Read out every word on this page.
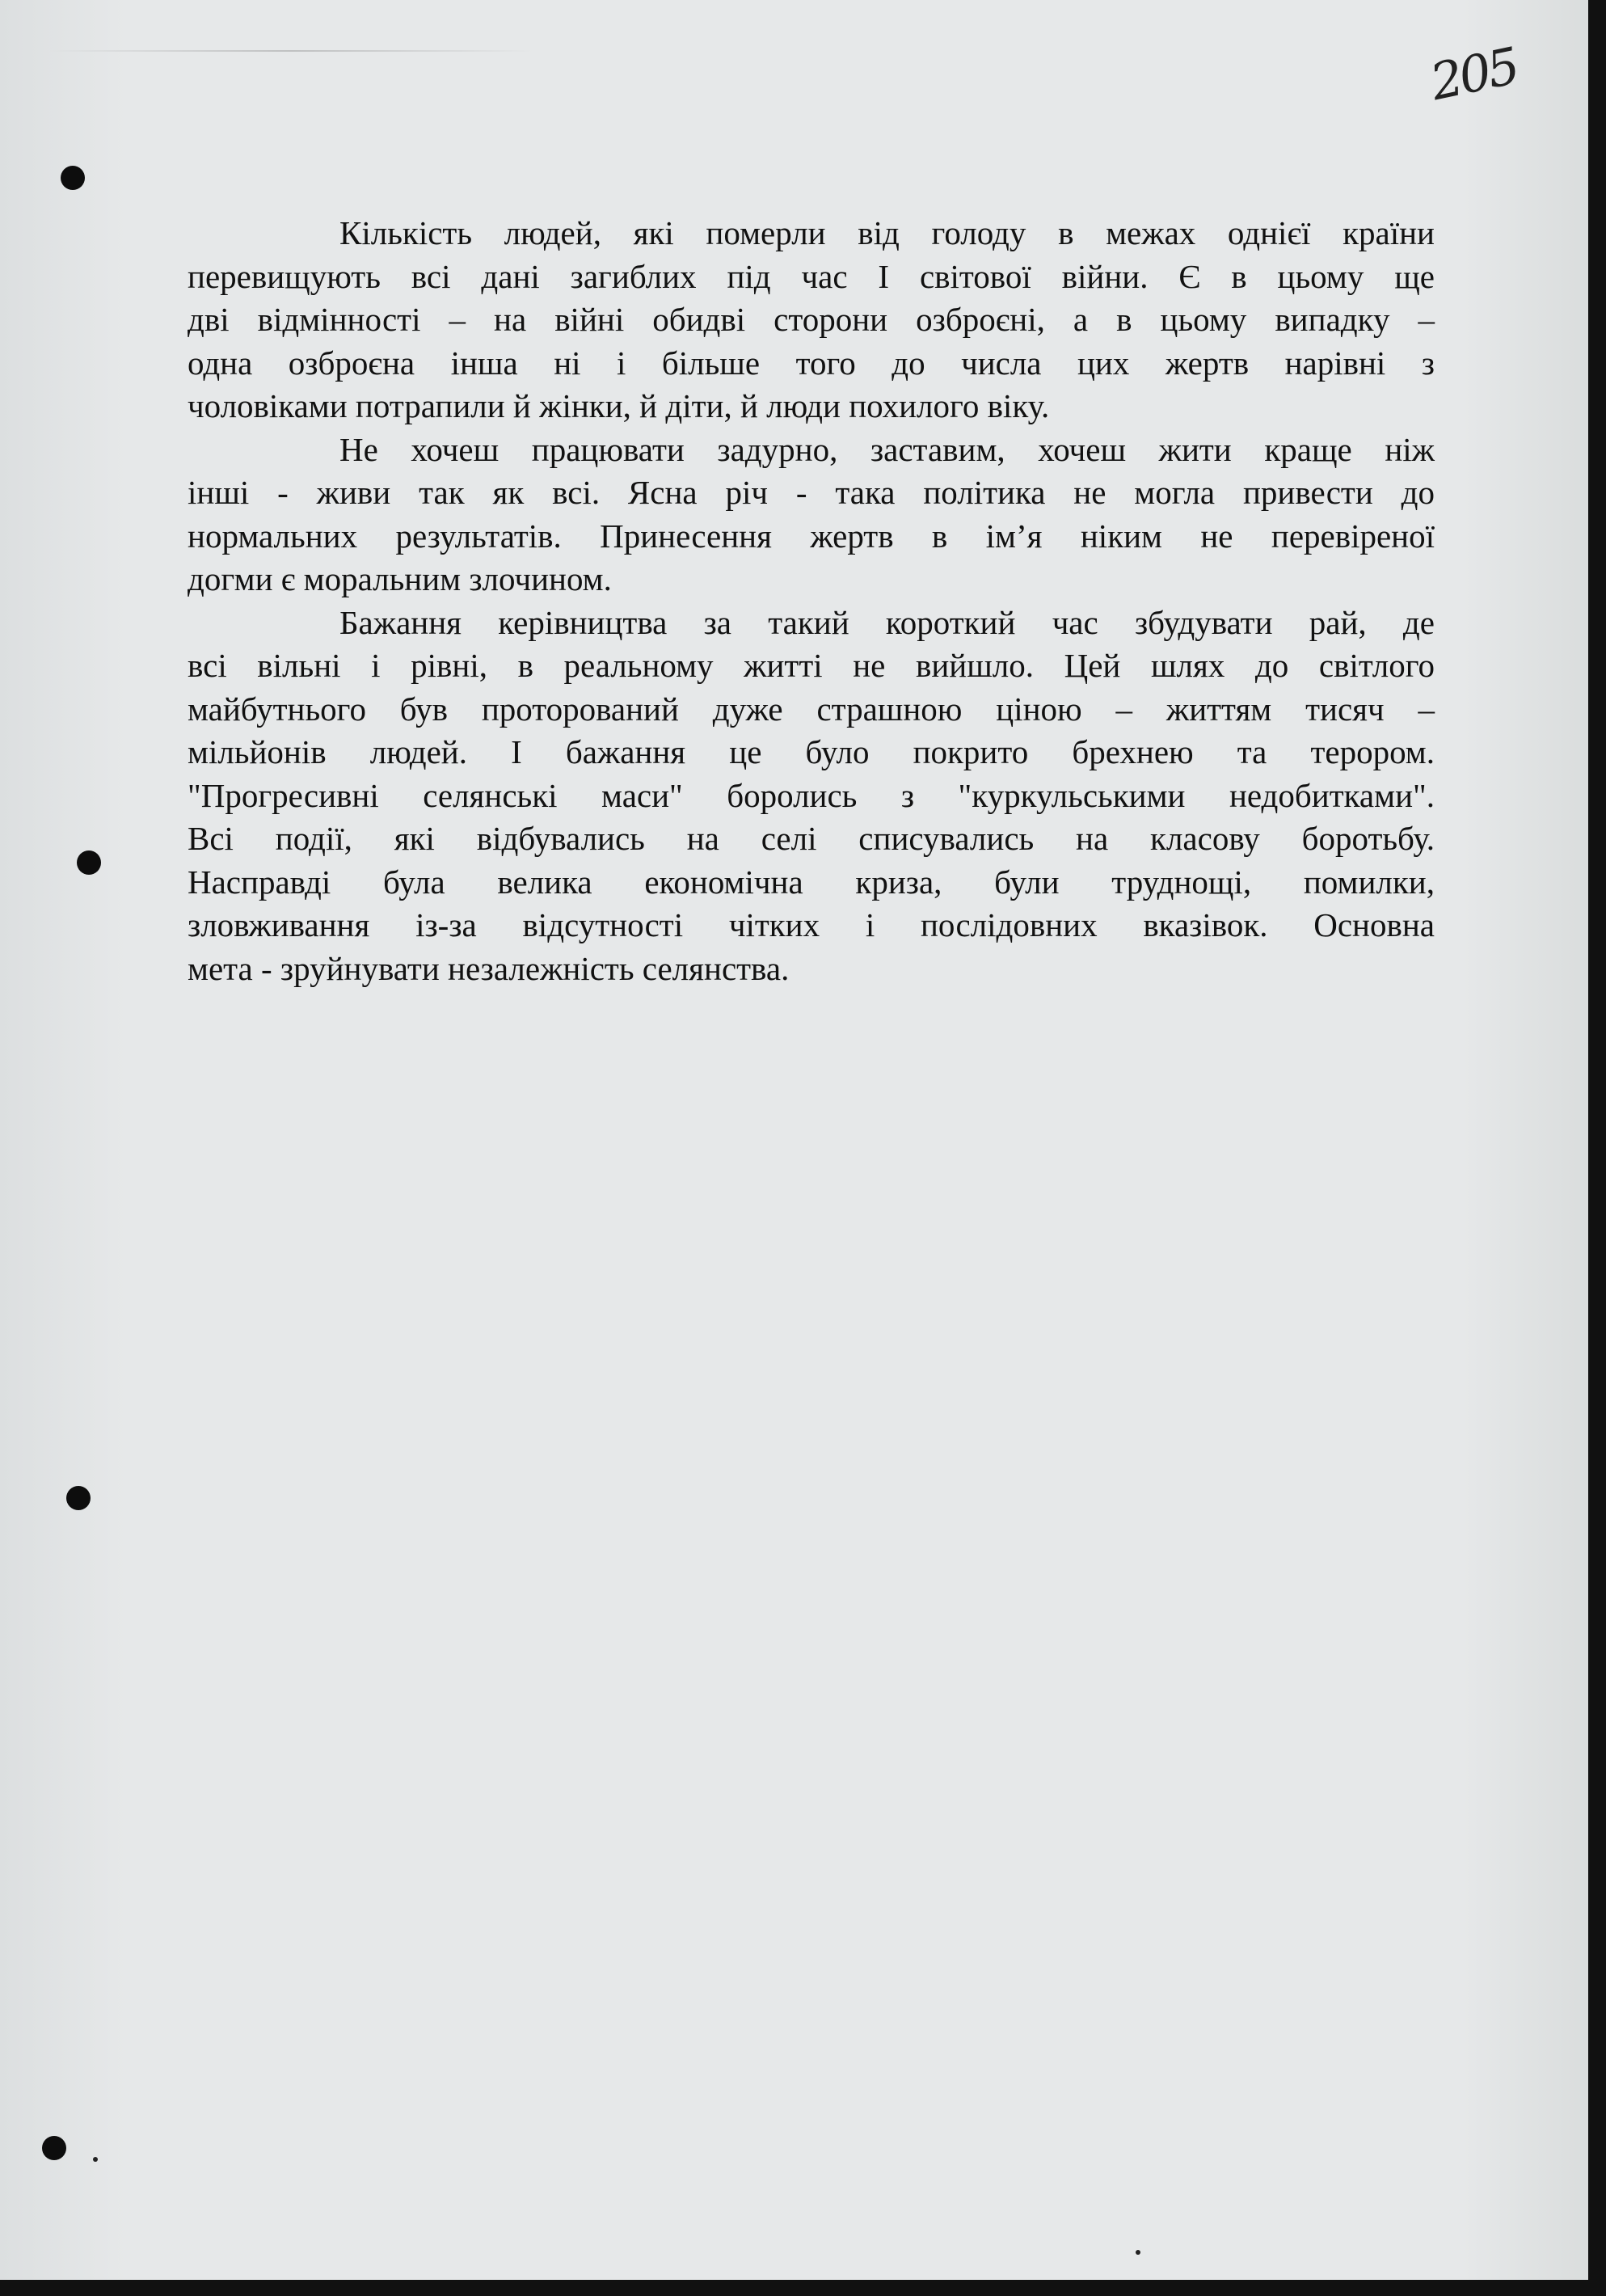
205
Кількість людей, які померли від голоду в межах однієї країни
перевищують всі дані загиблих під час І світової війни. Є в цьому ще
дві відмінності – на війні обидві сторони озброєні, а в цьому випадку –
одна озброєна інша ні і більше того до числа цих жертв нарівні з
чоловіками потрапили й жінки, й діти, й люди похилого віку.
Не хочеш працювати задурно, заставим, хочеш жити краще ніж
інші - живи так як всі. Ясна річ - така політика не могла привести до
нормальних результатів. Принесення жертв в ім’я ніким не перевіреної
догми є моральним злочином.
Бажання керівництва за такий короткий час збудувати рай, де
всі вільні і рівні, в реальному житті не вийшло. Цей шлях до світлого
майбутнього був проторований дуже страшною ціною – життям тисяч –
мільйонів людей. І бажання це було покрито брехнею та терором.
"Прогресивні селянські маси" боролись з "куркульськими недобитками".
Всі події, які відбувались на селі списувались на класову боротьбу.
Насправді була велика економічна криза, були труднощі, помилки,
зловживання із-за відсутності чітких і послідовних вказівок. Основна
мета - зруйнувати незалежність селянства.
